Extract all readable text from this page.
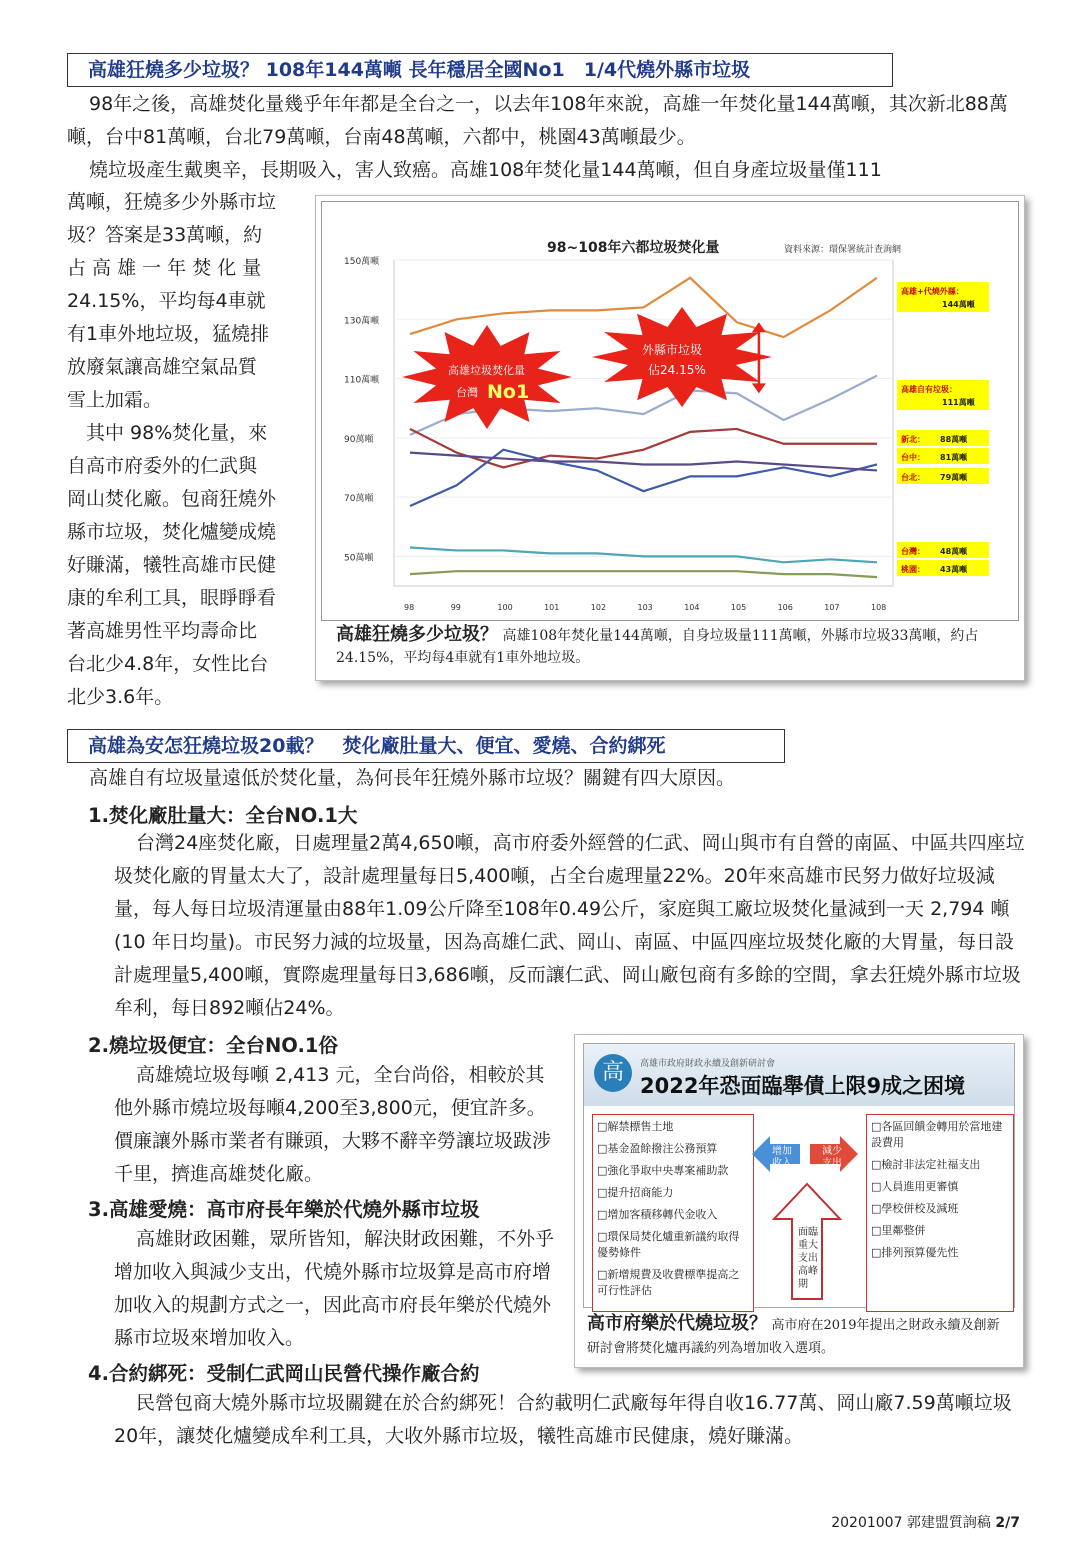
高雄狂燒多少垃圾？ 108年144萬噸 長年穩居全國No1　1/4代燒外縣市垃圾

98年之後，高雄焚化量幾乎年年都是全台之一，以去年108年來說，高雄一年焚化量144萬噸，其次新北88萬噸，台中81萬噸，台北79萬噸，台南48萬噸，六都中，桃園43萬噸最少。

燒垃圾產生戴奧辛，長期吸入，害人致癌。高雄108年焚化量144萬噸，但自身產垃圾量僅111

萬噸，狂燒多少外縣市垃
圾？答案是33萬噸，約
占 高 雄 一 年 焚 化 量
24.15%，平均每4車就
有1車外地垃圾，猛燒排
放廢氣讓高雄空氣品質
雪上加霜。
　其中 98%焚化量，來
自高市府委外的仁武與
岡山焚化廠。包商狂燒外
縣市垃圾，焚化爐變成燒
好賺滿，犧牲高雄市民健
康的牟利工具，眼睜睜看
著高雄男性平均壽命比
台北少4.8年，女性比台
北少3.6年。
98~108年六都垃圾焚化量	資料來源：環保署統計查詢網
50萬噸
70萬噸
90萬噸
110萬噸
130萬噸
150萬噸
98	99	100	101	102	103	104	105	106	107	108
高雄+代燒外縣：
144萬噸
高雄自有垃圾：
111萬噸
新北： 88萬噸
台中： 81萬噸
台北： 79萬噸
台灣： 48萬噸
桃園： 43萬噸
高雄垃圾焚化量
台灣 No1
外縣市垃圾
佔24.15%
高雄狂燒多少垃圾？ 高雄108年焚化量144萬噸，自身垃圾量111萬噸，外縣市垃圾33萬噸，約占24.15%，平均每4車就有1車外地垃圾。
高雄為安怎狂燒垃圾20載？　焚化廠肚量大、便宜、愛燒、合約綁死

高雄自有垃圾量遠低於焚化量，為何長年狂燒外縣市垃圾？關鍵有四大原因。

1.焚化廠肚量大：全台NO.1大

台灣24座焚化廠，日處理量2萬4,650噸，高市府委外經營的仁武、岡山與市有自營的南區、中區共四座垃圾焚化廠的胃量太大了，設計處理量每日5,400噸，占全台處理量22%。20年來高雄市民努力做好垃圾減量，每人每日垃圾清運量由88年1.09公斤降至108年0.49公斤，家庭與工廠垃圾焚化量減到一天 2,794 噸(10 年日均量)。市民努力減的垃圾量，因為高雄仁武、岡山、南區、中區四座垃圾焚化廠的大胃量，每日設計處理量5,400噸，實際處理量每日3,686噸，反而讓仁武、岡山廠包商有多餘的空間，拿去狂燒外縣市垃圾牟利，每日892噸佔24%。

2.燒垃圾便宜：全台NO.1俗

高雄燒垃圾每噸 2,413 元，全台尚俗，相較於其他外縣市燒垃圾每噸4,200至3,800元，便宜許多。價廉讓外縣市業者有賺頭，大夥不辭辛勞讓垃圾跋涉千里，擠進高雄焚化廠。

3.高雄愛燒：高市府長年樂於代燒外縣市垃圾

高雄財政困難，眾所皆知，解決財政困難，不外乎增加收入與減少支出，代燒外縣市垃圾算是高市府增加收入的規劃方式之一，因此高市府長年樂於代燒外縣市垃圾來增加收入。

4.合約綁死：受制仁武岡山民營代操作廠合約

民營包商大燒外縣市垃圾關鍵在於合約綁死！合約載明仁武廠每年得自收16.77萬、岡山廠7.59萬噸垃圾20年，讓焚化爐變成牟利工具，大收外縣市垃圾，犧牲高雄市民健康，燒好賺滿。

高	高雄市政府財政永續及創新研討會
2022年恐面臨舉債上限9成之困境
□解禁標售土地
□基金盈餘撥注公務預算
□強化爭取中央專案補助款
□提升招商能力
□增加客積移轉代金收入
□環保局焚化爐重新議約取得優勢條件
□新增規費及收費標準提高之可行性評估
增加收入
減少支出
面臨重大支出高峰期
□各區回饋金轉用於當地建設費用
□檢討非法定社福支出
□人員進用更審慎
□學校併校及減班
□里鄰整併
□排列預算優先性
高市府樂於代燒垃圾？ 高市府在2019年提出之財政永續及創新研討會將焚化爐再議約列為增加收入選項。
20201007 郭建盟質詢稿 2/7
